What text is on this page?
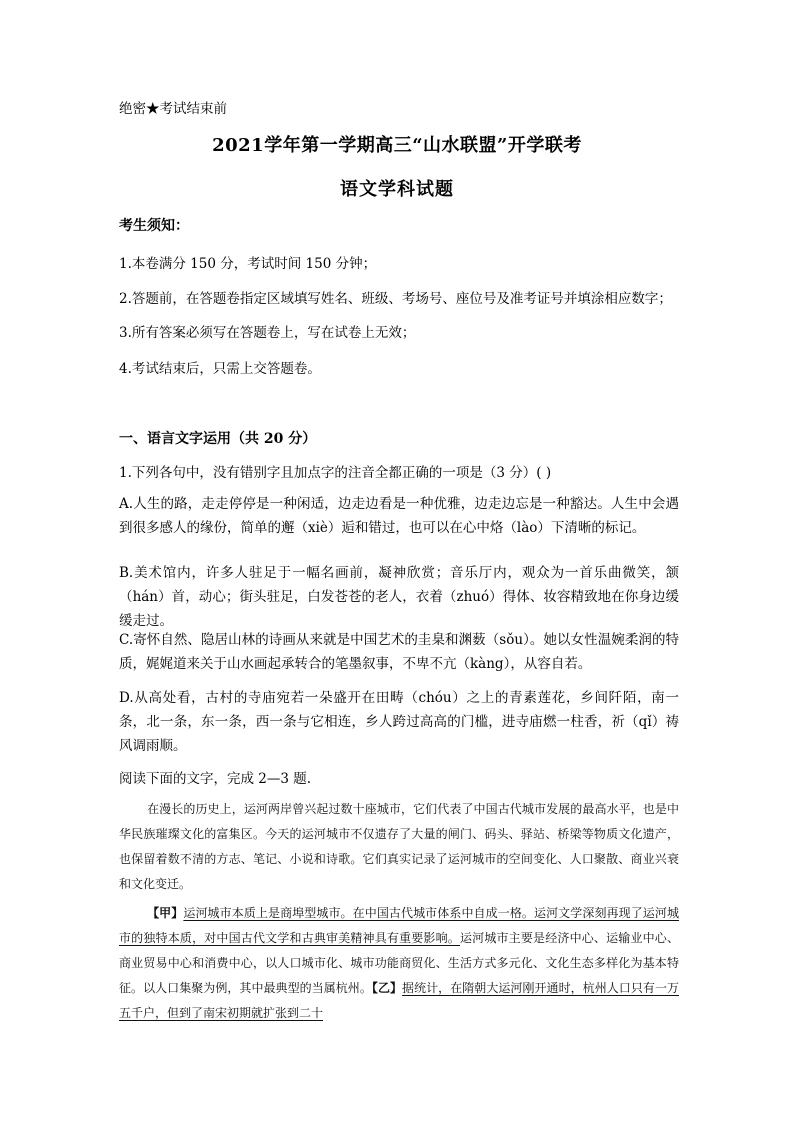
绝密★考试结束前
2021学年第一学期高三“山水联盟”开学联考
语文学科试题
考生须知：
1.本卷满分 150 分，考试时间 150 分钟；
2.答题前，在答题卷指定区域填写姓名、班级、考场号、座位号及准考证号并填涂相应数字；
3.所有答案必须写在答题卷上，写在试卷上无效；
4.考试结束后，只需上交答题卷。
一、语言文字运用（共 20 分）
1.下列各句中，没有错别字且加点字的注音全都正确的一项是（3 分）( )
A.人生的路，走走停停是一种闲适，边走边看是一种优雅，边走边忘是一种豁达。人生中会遇到很多感人的缘份，简单的邂（xiè）逅和错过，也可以在心中烙（lào）下清晰的标记。
B.美术馆内，许多人驻足于一幅名画前，凝神欣赏；音乐厅内，观众为一首乐曲微笑，颔（hán）首，动心；街头驻足，白发苍苍的老人，衣着（zhuó）得体、妆容精致地在你身边缓缓走过。
C.寄怀自然、隐居山林的诗画从来就是中国艺术的圭臬和渊薮（sǒu）。她以女性温婉柔润的特质，娓娓道来关于山水画起承转合的笔墨叙事，不卑不亢（kàng），从容自若。
D.从高处看，古村的寺庙宛若一朵盛开在田畴（chóu）之上的青素莲花，乡间阡陌，南一条，北一条，东一条，西一条与它相连，乡人跨过高高的门槛，进寺庙燃一柱香，祈（qǐ）祷风调雨顺。
阅读下面的文字，完成 2—3 题.
在漫长的历史上，运河两岸曾兴起过数十座城市，它们代表了中国古代城市发展的最高水平，也是中华民族璀璨文化的富集区。今天的运河城市不仅遗存了大量的闸门、码头、驿站、桥梁等物质文化遗产，也保留着数不清的方志、笔记、小说和诗歌。它们真实记录了运河城市的空间变化、人口聚散、商业兴衰和文化变迁。
【甲】运河城市本质上是商埠型城市。在中国古代城市体系中自成一格。运河文学深刻再现了运河城市的独特本质，对中国古代文学和古典审美精神具有重要影响。运河城市主要是经济中心、运输业中心、商业贸易中心和消费中心，以人口城市化、城市功能商贸化、生活方式多元化、文化生态多样化为基本特征。以人口集聚为例，其中最典型的当属杭州。【乙】据统计，在隋朝大运河刚开通时，杭州人口只有一万五千户，但到了南宋初期就扩张到二十
